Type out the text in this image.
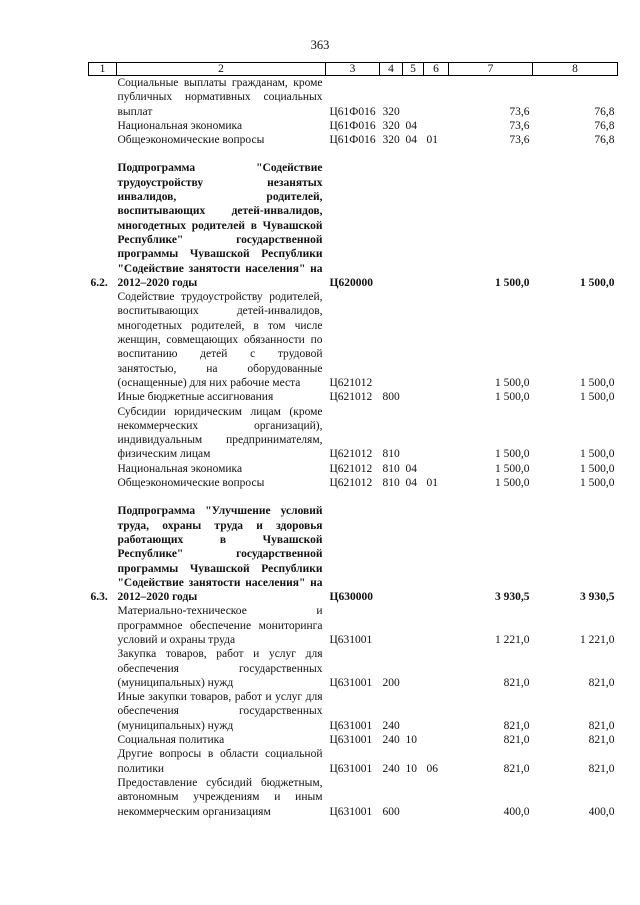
363
1	2	3	4	5	6	7	8
	Социальные выплаты гражданам, кроме публичных нормативных социальных выплат	Ц61Ф016	320			73,6	76,8
	Национальная экономика	Ц61Ф016	320	04		73,6	76,8
	Общеэкономические вопросы	Ц61Ф016	320	04	01	73,6	76,8

6.2.	Подпрограмма "Содействие трудоустройству незанятых инвалидов, родителей, воспитывающих детей-инвалидов, многодетных родителей в Чувашской Республике" государственной программы Чувашской Республики "Содействие занятости населения" на 2012–2020 годы	Ц620000				1 500,0	1 500,0
	Содействие трудоустройству родителей, воспитывающих детей-инвалидов, многодетных родителей, в том числе женщин, совмещающих обязанности по воспитанию детей с трудовой занятостью, на оборудованные (оснащенные) для них рабочие места	Ц621012				1 500,0	1 500,0
	Иные бюджетные ассигнования	Ц621012	800			1 500,0	1 500,0
	Субсидии юридическим лицам (кроме некоммерческих организаций), индивидуальным предпринимателям, физическим лицам	Ц621012	810			1 500,0	1 500,0
	Национальная экономика	Ц621012	810	04		1 500,0	1 500,0
	Общеэкономические вопросы	Ц621012	810	04	01	1 500,0	1 500,0

6.3.	Подпрограмма "Улучшение условий труда, охраны труда и здоровья работающих в Чувашской Республике" государственной программы Чувашской Республики "Содействие занятости населения" на 2012–2020 годы	Ц630000				3 930,5	3 930,5
	Материально-техническое и программное обеспечение мониторинга условий и охраны труда	Ц631001				1 221,0	1 221,0
	Закупка товаров, работ и услуг для обеспечения государственных (муниципальных) нужд	Ц631001	200			821,0	821,0
	Иные закупки товаров, работ и услуг для обеспечения государственных (муниципальных) нужд	Ц631001	240			821,0	821,0
	Социальная политика	Ц631001	240	10		821,0	821,0
	Другие вопросы в области социальной политики	Ц631001	240	10	06	821,0	821,0
	Предоставление субсидий бюджетным, автономным учреждениям и иным некоммерческим организациям	Ц631001	600			400,0	400,0
